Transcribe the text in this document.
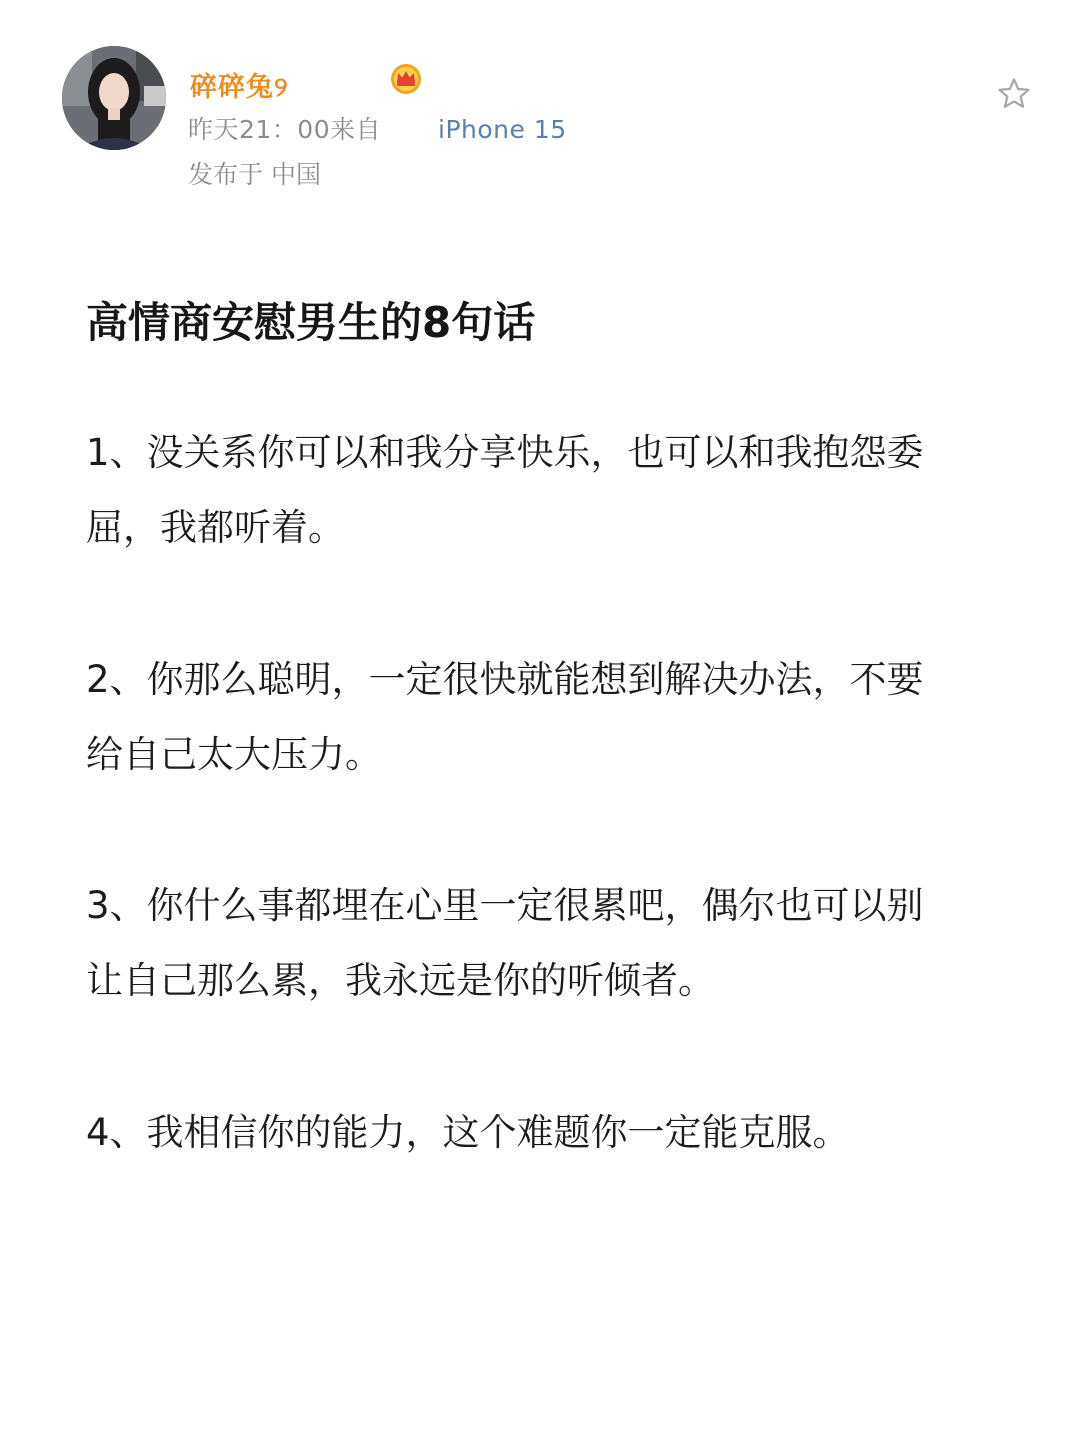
碎碎兔୨
昨天21：00来自 iPhone 15
发布于 中国
高情商安慰男生的8句话

1、没关系你可以和我分享快乐，也可以和我抱怨委
屈，我都听着。

2、你那么聪明，一定很快就能想到解决办法，不要
给自己太大压力。

3、你什么事都埋在心里一定很累吧，偶尔也可以别
让自己那么累，我永远是你的听倾者。

4、我相信你的能力，这个难题你一定能克服。
